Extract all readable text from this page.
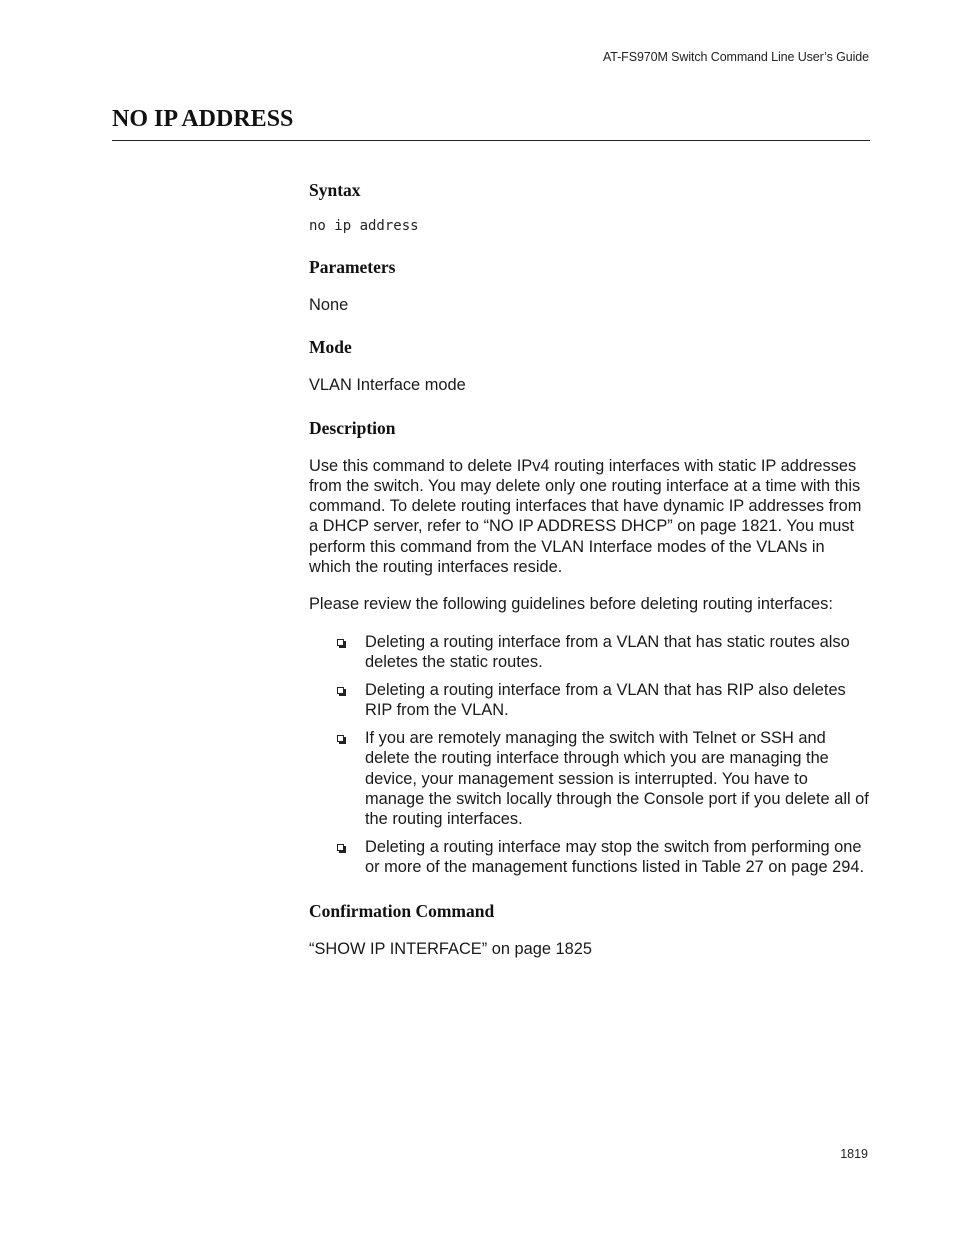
AT-FS970M Switch Command Line User’s Guide
NO IP ADDRESS
Syntax
no ip address
Parameters

None

Mode

VLAN Interface mode

Description

Use this command to delete IPv4 routing interfaces with static IP addresses from the switch. You may delete only one routing interface at a time with this command. To delete routing interfaces that have dynamic IP addresses from a DHCP server, refer to “NO IP ADDRESS DHCP” on page 1821. You must perform this command from the VLAN Interface modes of the VLANs in which the routing interfaces reside.

Please review the following guidelines before deleting routing interfaces:

Deleting a routing interface from a VLAN that has static routes also deletes the static routes.
Deleting a routing interface from a VLAN that has RIP also deletes RIP from the VLAN.
If you are remotely managing the switch with Telnet or SSH and delete the routing interface through which you are managing the device, your management session is interrupted. You have to manage the switch locally through the Console port if you delete all of the routing interfaces.
Deleting a routing interface may stop the switch from performing one or more of the management functions listed in Table 27 on page 294.
Confirmation Command

“SHOW IP INTERFACE” on page 1825

1819
